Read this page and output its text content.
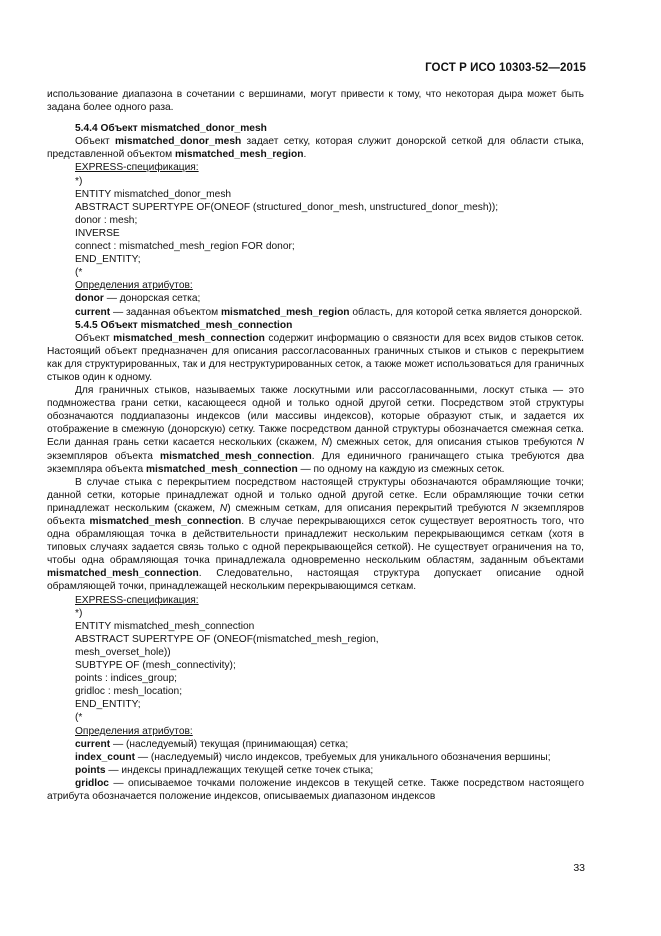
ГОСТ Р ИСО 10303-52—2015

использование диапазона в сочетании с вершинами, могут привести к тому, что некоторая дыра может быть задана более одного раза.

5.4.4 Объект mismatched_donor_mesh

Объект mismatched_donor_mesh задает сетку, которая служит донорской сеткой для области стыка, представленной объектом mismatched_mesh_region.

EXPRESS-спецификация:

*)

ENTITY mismatched_donor_mesh

ABSTRACT SUPERTYPE OF(ONEOF (structured_donor_mesh, unstructured_donor_mesh));

donor : mesh;

INVERSE

connect : mismatched_mesh_region FOR donor;

END_ENTITY;

(*

Определения атрибутов:

donor — донорская сетка;

current — заданная объектом mismatched_mesh_region область, для которой сетка является донорской.

5.4.5 Объект mismatched_mesh_connection

Объект mismatched_mesh_connection содержит информацию о связности для всех видов стыков сеток. Настоящий объект предназначен для описания рассогласованных граничных стыков и стыков с перекрытием как для структурированных, так и для неструктурированных сеток, а также может использоваться для граничных стыков один к одному.

Для граничных стыков, называемых также лоскутными или рассогласованными, лоскут стыка — это подмножества грани сетки, касающееся одной и только одной другой сетки. Посредством этой структуры обозначаются поддиапазоны индексов (или массивы индексов), которые образуют стык, и задается их отображение в смежную (донорскую) сетку. Также посредством данной структуры обозначается смежная сетка. Если данная грань сетки касается нескольких (скажем, N) смежных сеток, для описания стыков требуются N экземпляров объекта mismatched_mesh_connection. Для единичного граничащего стыка требуются два экземпляра объекта mismatched_mesh_connection — по одному на каждую из смежных сеток.

В случае стыка с перекрытием посредством настоящей структуры обозначаются обрамляющие точки; данной сетки, которые принадлежат одной и только одной другой сетке. Если обрамляющие точки сетки принадлежат нескольким (скажем, N) смежным сеткам, для описания перекрытий требуются N экземпляров объекта mismatched_mesh_connection. В случае перекрывающихся сеток существует вероятность того, что одна обрамляющая точка в действительности принадлежит нескольким перекрывающимся сеткам (хотя в типовых случаях задается связь только с одной перекрывающейся сеткой). Не существует ограничения на то, чтобы одна обрамляющая точка принадлежала одновременно нескольким областям, заданным объектами mismatched_mesh_connection. Следовательно, настоящая структура допускает описание одной обрамляющей точки, принадлежащей нескольким перекрывающимся сеткам.

EXPRESS-спецификация:

*)

ENTITY mismatched_mesh_connection

ABSTRACT SUPERTYPE OF (ONEOF(mismatched_mesh_region,

mesh_overset_hole))

SUBTYPE OF (mesh_connectivity);

points : indices_group;

gridloc : mesh_location;

END_ENTITY;

(*

Определения атрибутов:

current — (наследуемый) текущая (принимающая) сетка;

index_count — (наследуемый) число индексов, требуемых для уникального обозначения вершины;

points — индексы принадлежащих текущей сетке точек стыка;

gridloc — описываемое точками положение индексов в текущей сетке. Также посредством настоящего атрибута обозначается положение индексов, описываемых диапазоном индексов

33
